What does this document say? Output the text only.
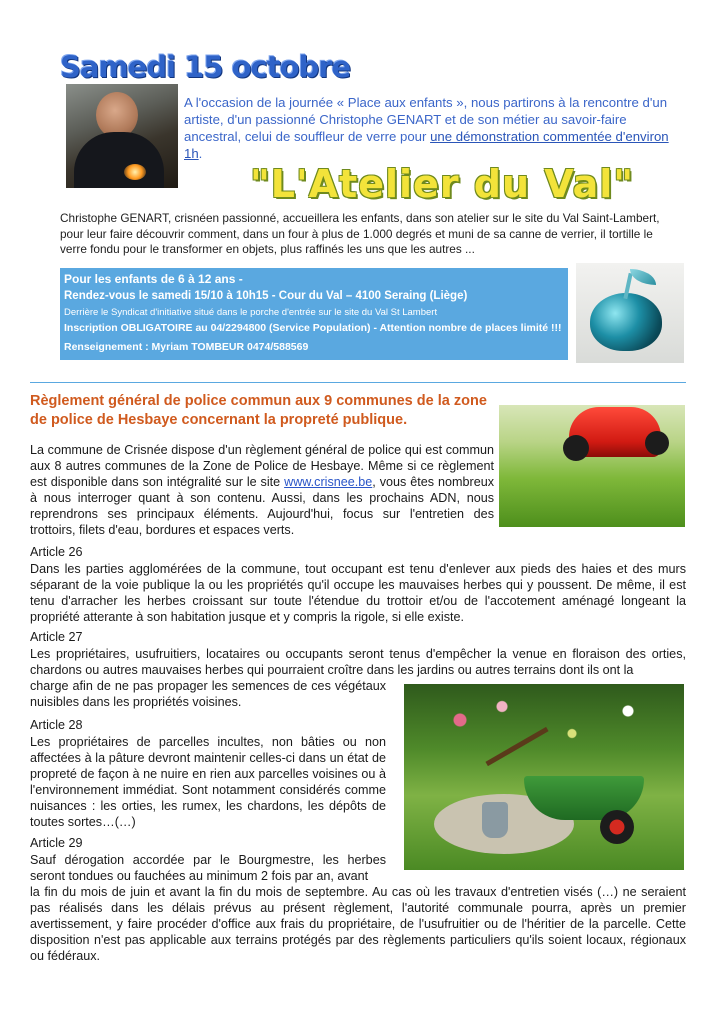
Samedi 15 octobre
A l'occasion de la journée « Place aux enfants », nous partirons à la rencontre d'un artiste, d'un passionné Christophe GENART et de son métier au savoir-faire ancestral, celui de souffleur de verre pour une démonstration commentée d'environ 1h.
"L'Atelier du Val"
Christophe GENART, crisnéen passionné, accueillera les enfants, dans son atelier sur le site du Val Saint-Lambert, pour leur faire découvrir comment, dans un four à plus de 1.000 degrés et muni de sa canne de verrier, il tortille le verre fondu pour le transformer en objets, plus raffinés les uns que les autres ...
Pour les enfants de 6 à 12 ans -
Rendez-vous le samedi 15/10 à 10h15 - Cour du Val – 4100 Seraing (Liège)
Derrière le Syndicat d'initiative situé dans le porche d'entrée sur le site du Val St Lambert
Inscription OBLIGATOIRE au 04/2294800 (Service Population) - Attention nombre de places limité !!!
Renseignement : Myriam TOMBEUR 0474/588569
Règlement général de police commun aux 9 communes de la zone de police de Hesbaye concernant la propreté publique.
La commune de Crisnée dispose d'un règlement général de police qui est commun aux 8 autres communes de la Zone de Police de Hesbaye. Même si ce règlement est disponible dans son intégralité sur le site www.crisnee.be, vous êtes nombreux à nous interroger quant à son contenu. Aussi, dans les prochains ADN, nous reprendrons ses principaux éléments. Aujourd'hui, focus sur l'entretien des trottoirs, filets d'eau, bordures et espaces verts.
Article 26
Dans les parties agglomérées de la commune, tout occupant est tenu d'enlever aux pieds des haies et des murs séparant de la voie publique la ou les propriétés qu'il occupe les mauvaises herbes qui y poussent. De même, il est tenu d'arracher les herbes croissant sur toute l'étendue du trottoir et/ou de l'accotement aménagé longeant la propriété atterante à son habitation jusque et y compris la rigole, si elle existe.
Article 27
Les propriétaires, usufruitiers, locataires ou occupants seront tenus d'empêcher la venue en floraison des orties, chardons ou autres mauvaises herbes qui pourraient croître dans les jardins ou autres terrains dont ils ont la
charge afin de ne pas propager les semences de ces végétaux nuisibles dans les propriétés voisines.
Article 28
Les propriétaires de parcelles incultes, non bâties ou non affectées à la pâture devront maintenir celles-ci dans un état de propreté de façon à ne nuire en rien aux parcelles voisines ou à l'environnement immédiat. Sont notamment considérés comme nuisances : les orties, les rumex, les chardons, les dépôts de toutes sortes…(…)
Article 29
Sauf dérogation accordée par le Bourgmestre, les herbes seront tondues ou fauchées au minimum 2 fois par an, avant
la fin du mois de juin et avant la fin du mois de septembre. Au cas où les travaux d'entretien visés (…) ne seraient pas réalisés dans les délais prévus au présent règlement, l'autorité communale pourra, après un premier avertissement, y faire procéder d'office aux frais du propriétaire, de l'usufruitier ou de l'héritier de la parcelle. Cette disposition n'est pas applicable aux terrains protégés par des règlements particuliers qu'ils soient locaux, régionaux ou fédéraux.
